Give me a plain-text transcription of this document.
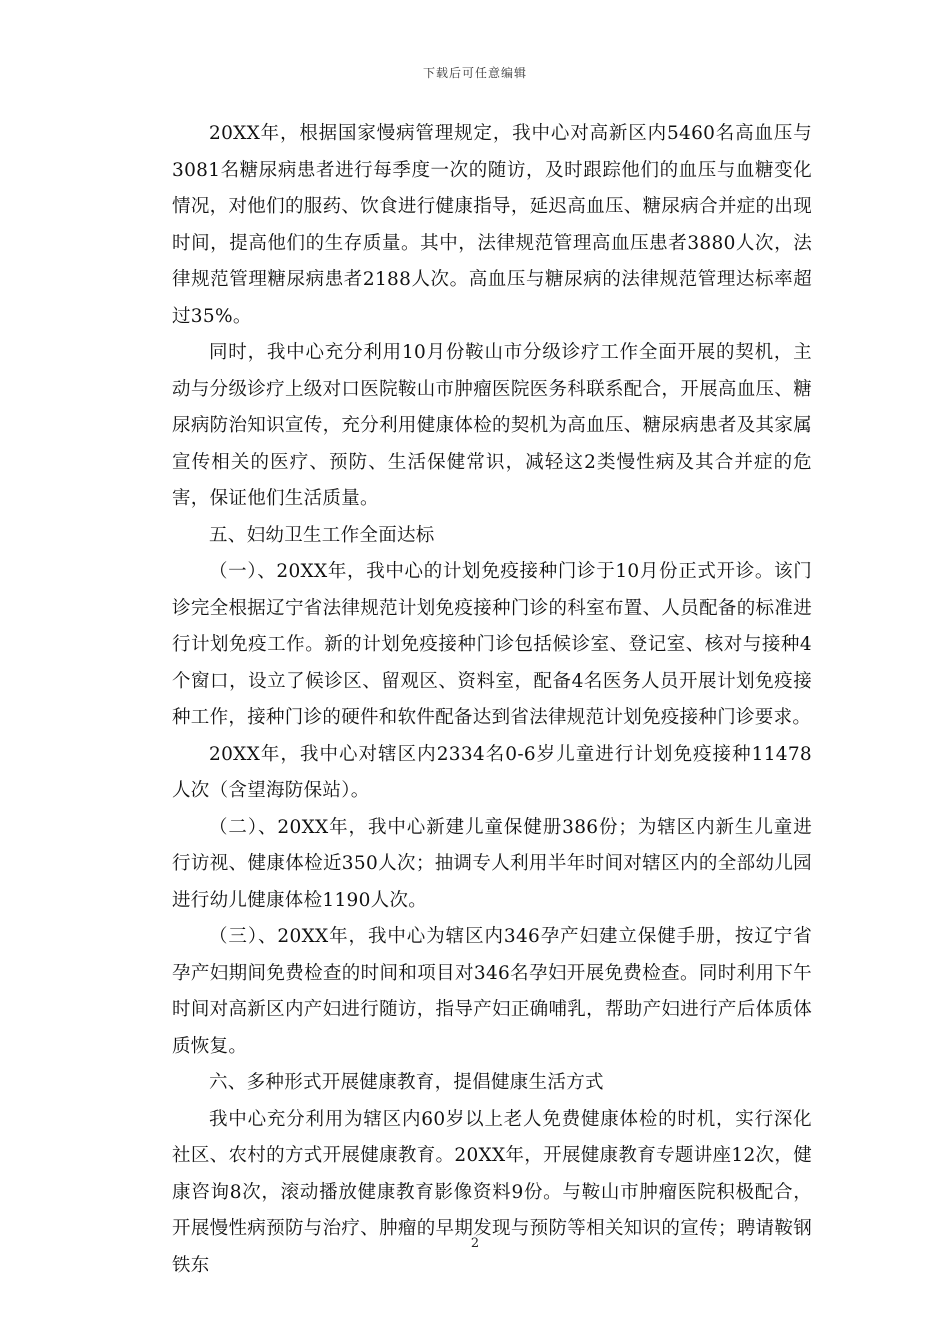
下载后可任意编辑

20XX年，根据国家慢病管理规定，我中心对高新区内5460名高血压与3081名糖尿病患者进行每季度一次的随访，及时跟踪他们的血压与血糖变化情况，对他们的服药、饮食进行健康指导，延迟高血压、糖尿病合并症的出现时间，提高他们的生存质量。其中，法律规范管理高血压患者3880人次，法律规范管理糖尿病患者2188人次。高血压与糖尿病的法律规范管理达标率超过35%。

同时，我中心充分利用10月份鞍山市分级诊疗工作全面开展的契机，主动与分级诊疗上级对口医院鞍山市肿瘤医院医务科联系配合，开展高血压、糖尿病防治知识宣传，充分利用健康体检的契机为高血压、糖尿病患者及其家属宣传相关的医疗、预防、生活保健常识，减轻这2类慢性病及其合并症的危害，保证他们生活质量。

五、妇幼卫生工作全面达标

（一）、20XX年，我中心的计划免疫接种门诊于10月份正式开诊。该门诊完全根据辽宁省法律规范计划免疫接种门诊的科室布置、人员配备的标准进行计划免疫工作。新的计划免疫接种门诊包括候诊室、登记室、核对与接种4个窗口，设立了候诊区、留观区、资料室，配备4名医务人员开展计划免疫接种工作，接种门诊的硬件和软件配备达到省法律规范计划免疫接种门诊要求。

20XX年，我中心对辖区内2334名0-6岁儿童进行计划免疫接种11478人次（含望海防保站）。

（二）、20XX年，我中心新建儿童保健册386份；为辖区内新生儿童进行访视、健康体检近350人次；抽调专人利用半年时间对辖区内的全部幼儿园进行幼儿健康体检1190人次。

（三）、20XX年，我中心为辖区内346孕产妇建立保健手册，按辽宁省孕产妇期间免费检查的时间和项目对346名孕妇开展免费检查。同时利用下午时间对高新区内产妇进行随访，指导产妇正确哺乳，帮助产妇进行产后体质体质恢复。

六、多种形式开展健康教育，提倡健康生活方式

我中心充分利用为辖区内60岁以上老人免费健康体检的时机，实行深化社区、农村的方式开展健康教育。20XX年，开展健康教育专题讲座12次，健康咨询8次，滚动播放健康教育影像资料9份。与鞍山市肿瘤医院积极配合，开展慢性病预防与治疗、肿瘤的早期发现与预防等相关知识的宣传；聘请鞍钢铁东

2
